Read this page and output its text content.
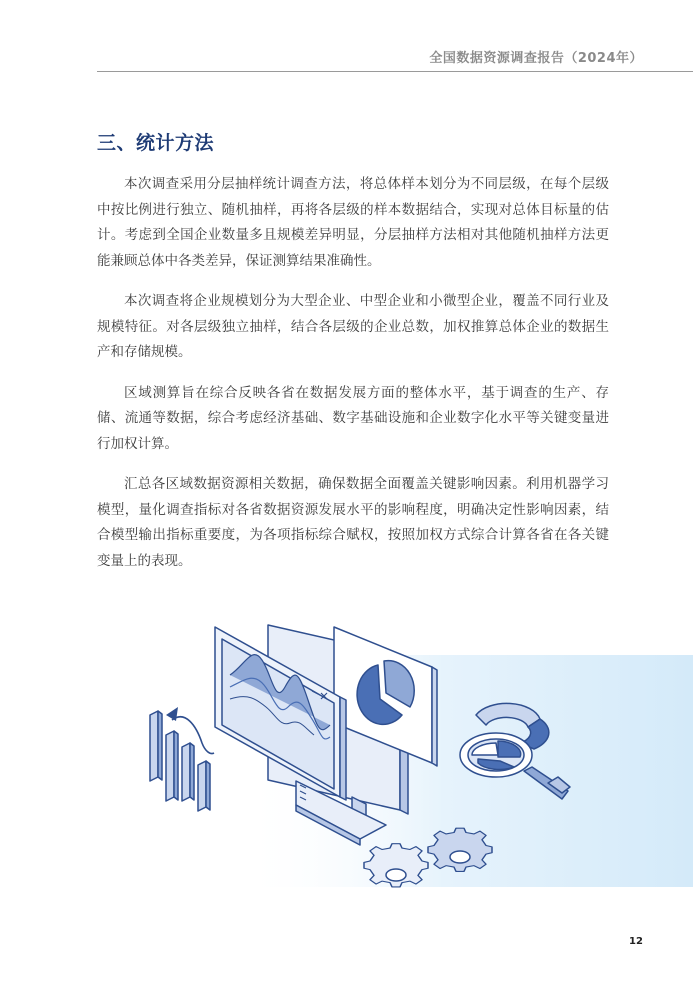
全国数据资源调查报告（2024年）
三、统计方法

本次调查采用分层抽样统计调查方法，将总体样本划分为不同层级，在每个层级中按比例进行独立、随机抽样，再将各层级的样本数据结合，实现对总体目标量的估计。考虑到全国企业数量多且规模差异明显，分层抽样方法相对其他随机抽样方法更能兼顾总体中各类差异，保证测算结果准确性。

本次调查将企业规模划分为大型企业、中型企业和小微型企业，覆盖不同行业及规模特征。对各层级独立抽样，结合各层级的企业总数，加权推算总体企业的数据生产和存储规模。

区域测算旨在综合反映各省在数据发展方面的整体水平，基于调查的生产、存储、流通等数据，综合考虑经济基础、数字基础设施和企业数字化水平等关键变量进行加权计算。

汇总各区域数据资源相关数据，确保数据全面覆盖关键影响因素。利用机器学习模型，量化调查指标对各省数据资源发展水平的影响程度，明确决定性影响因素，结合模型输出指标重要度，为各项指标综合赋权，按照加权方式综合计算各省在各关键变量上的表现。

12
